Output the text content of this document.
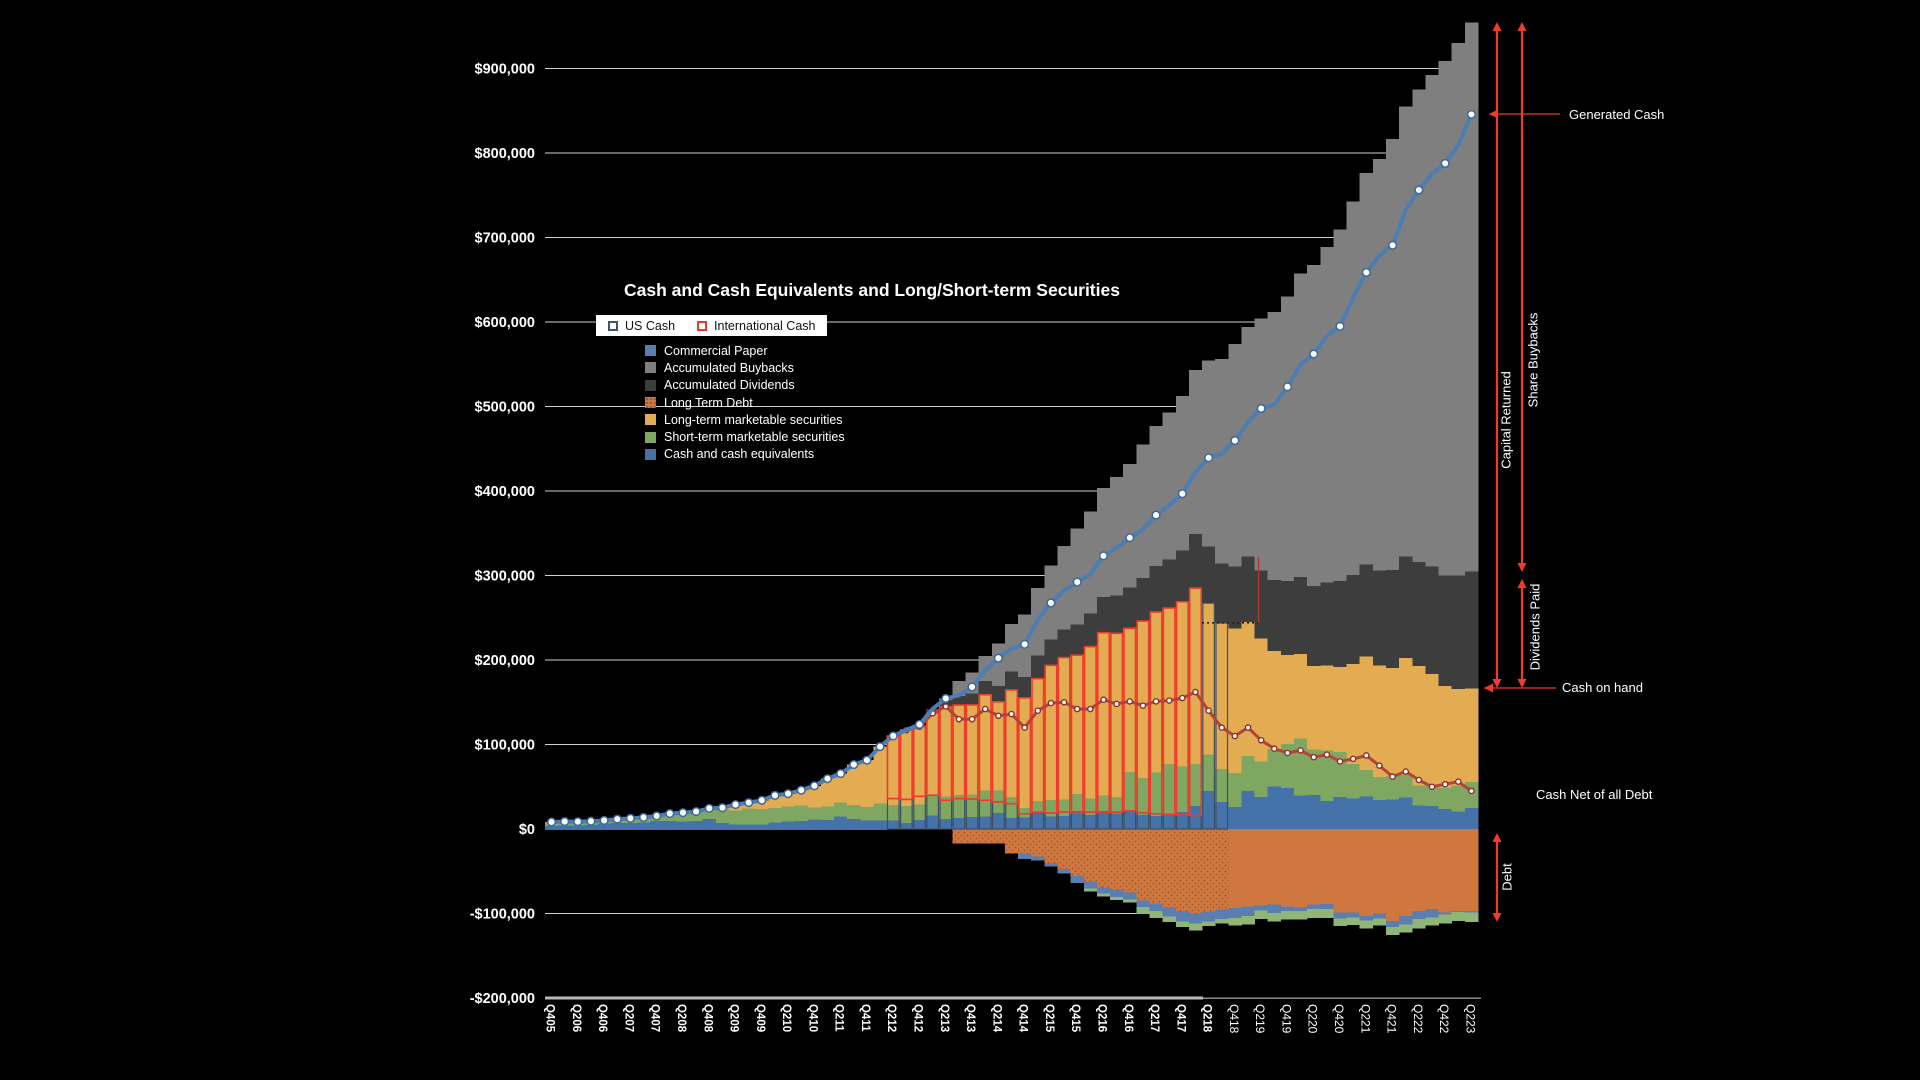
$900,000
$800,000
$700,000
$600,000
$500,000
$400,000
$300,000
$200,000
$100,000
$0
-$100,000
-$200,000
Q405 Q206 Q406 Q207 Q407 Q208 Q408 Q209 Q409 Q210 Q410 Q211 Q411 Q212 Q412 Q213 Q413 Q214 Q414 Q215 Q415 Q216 Q416 Q217 Q417 Q218 Q418 Q219 Q419 Q220 Q420 Q221 Q421 Q222 Q422 Q223
Cash and Cash Equivalents and Long/Short-term Securities
US Cash	International Cash
Commercial Paper
Accumulated Buybacks
Accumulated Dividends
Long Term Debt
Long-term marketable securities
Short-term marketable securities
Cash and cash equivalents
Generated Cash
Capital Returned
Share Buybacks
Dividends Paid
Cash on hand
Cash Net of all Debt
Debt
